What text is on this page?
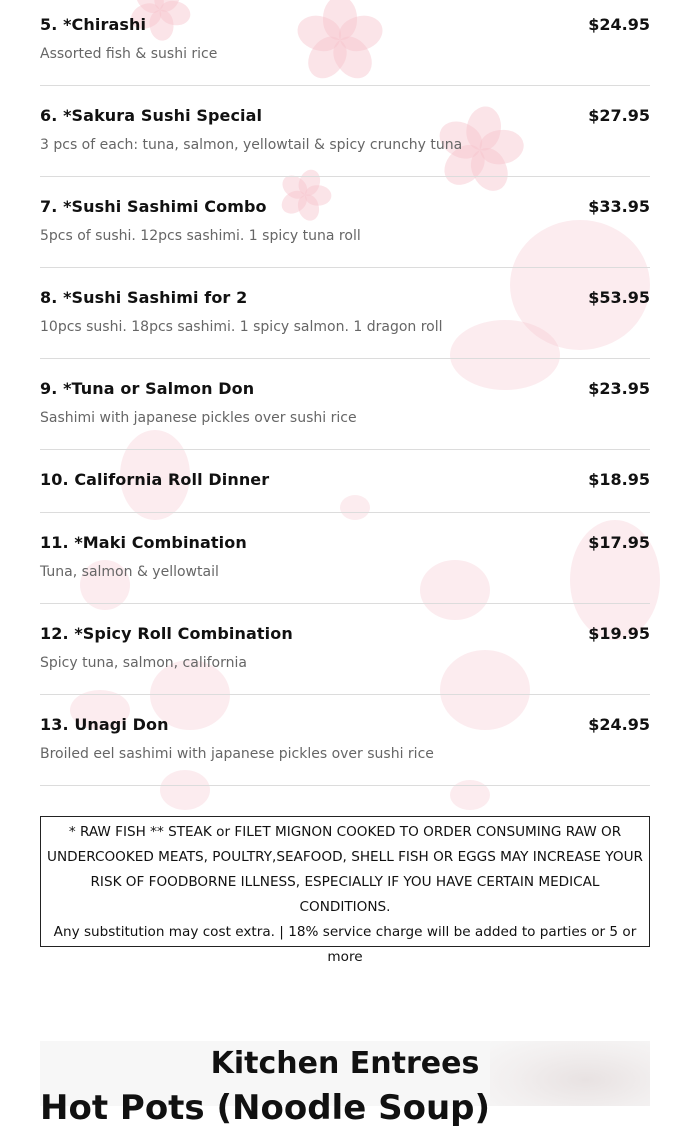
5. *Chirashi	$24.95
Assorted fish & sushi rice
6. *Sakura Sushi Special	$27.95
3 pcs of each: tuna, salmon, yellowtail & spicy crunchy tuna
7. *Sushi Sashimi Combo	$33.95
5pcs of sushi. 12pcs sashimi. 1 spicy tuna roll
8. *Sushi Sashimi for 2	$53.95
10pcs sushi. 18pcs sashimi. 1 spicy salmon. 1 dragon roll
9. *Tuna or Salmon Don	$23.95
Sashimi with japanese pickles over sushi rice
10. California Roll Dinner	$18.95
11. *Maki Combination	$17.95
Tuna, salmon & yellowtail
12. *Spicy Roll Combination	$19.95
Spicy tuna, salmon, california
13. Unagi Don	$24.95
Broiled eel sashimi with japanese pickles over sushi rice
* RAW FISH ** STEAK or FILET MIGNON COOKED TO ORDER CONSUMING RAW OR UNDERCOOKED MEATS, POULTRY,SEAFOOD, SHELL FISH OR EGGS MAY INCREASE YOUR RISK OF FOODBORNE ILLNESS, ESPECIALLY IF YOU HAVE CERTAIN MEDICAL CONDITIONS.
Any substitution may cost extra. | 18% service charge will be added to parties or 5 or more
Kitchen Entrees
Hot Pots (Noodle Soup)
